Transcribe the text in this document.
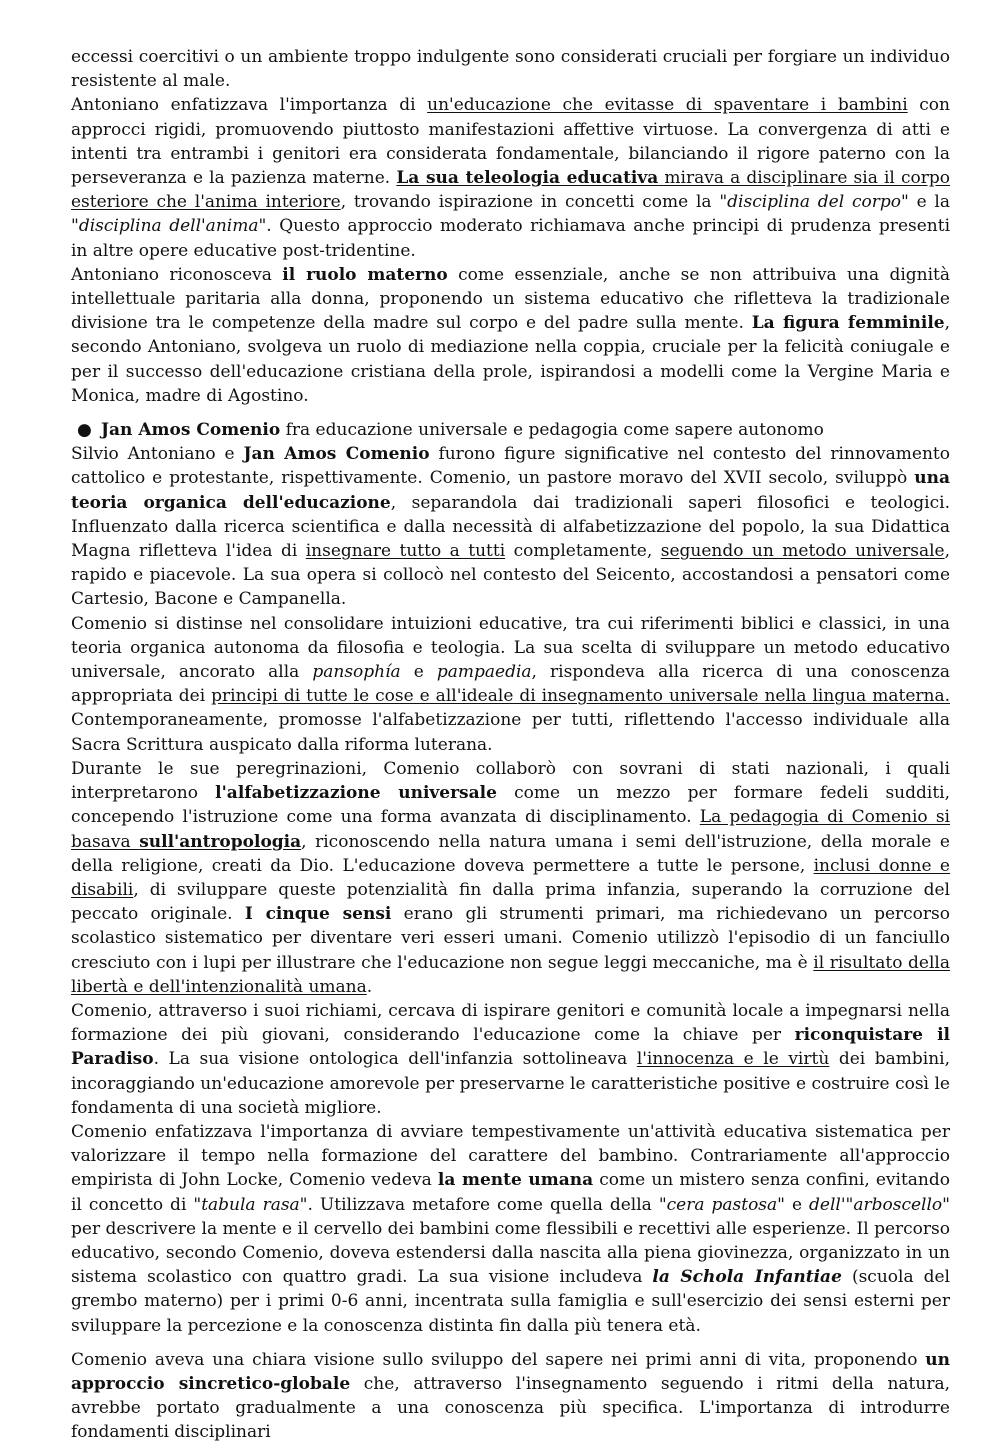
eccessi coercitivi o un ambiente troppo indulgente sono considerati cruciali per forgiare un individuo resistente al male.

Antoniano enfatizzava l'importanza di un'educazione che evitasse di spaventare i bambini con approcci rigidi, promuovendo piuttosto manifestazioni affettive virtuose. La convergenza di atti e intenti tra entrambi i genitori era considerata fondamentale, bilanciando il rigore paterno con la perseveranza e la pazienza materne. La sua teleologia educativa mirava a disciplinare sia il corpo esteriore che l'anima interiore, trovando ispirazione in concetti come la "disciplina del corpo" e la "disciplina dell'anima". Questo approccio moderato richiamava anche principi di prudenza presenti in altre opere educative post-tridentine.

Antoniano riconosceva il ruolo materno come essenziale, anche se non attribuiva una dignità intellettuale paritaria alla donna, proponendo un sistema educativo che rifletteva la tradizionale divisione tra le competenze della madre sul corpo e del padre sulla mente. La figura femminile, secondo Antoniano, svolgeva un ruolo di mediazione nella coppia, cruciale per la felicità coniugale e per il successo dell'educazione cristiana della prole, ispirandosi a modelli come la Vergine Maria e Monica, madre di Agostino.

● Jan Amos Comenio fra educazione universale e pedagogia come sapere autonomo

Silvio Antoniano e Jan Amos Comenio furono figure significative nel contesto del rinnovamento cattolico e protestante, rispettivamente. Comenio, un pastore moravo del XVII secolo, sviluppò una teoria organica dell'educazione, separandola dai tradizionali saperi filosofici e teologici. Influenzato dalla ricerca scientifica e dalla necessità di alfabetizzazione del popolo, la sua Didattica Magna rifletteva l'idea di insegnare tutto a tutti completamente, seguendo un metodo universale, rapido e piacevole. La sua opera si collocò nel contesto del Seicento, accostandosi a pensatori come Cartesio, Bacone e Campanella.

Comenio si distinse nel consolidare intuizioni educative, tra cui riferimenti biblici e classici, in una teoria organica autonoma da filosofia e teologia. La sua scelta di sviluppare un metodo educativo universale, ancorato alla pansophía e pampaedia, rispondeva alla ricerca di una conoscenza appropriata dei principi di tutte le cose e all'ideale di insegnamento universale nella lingua materna. Contemporaneamente, promosse l'alfabetizzazione per tutti, riflettendo l'accesso individuale alla Sacra Scrittura auspicato dalla riforma luterana.

Durante le sue peregrinazioni, Comenio collaborò con sovrani di stati nazionali, i quali interpretarono l'alfabetizzazione universale come un mezzo per formare fedeli sudditi, concependo l'istruzione come una forma avanzata di disciplinamento. La pedagogia di Comenio si basava sull'antropologia, riconoscendo nella natura umana i semi dell'istruzione, della morale e della religione, creati da Dio. L'educazione doveva permettere a tutte le persone, inclusi donne e disabili, di sviluppare queste potenzialità fin dalla prima infanzia, superando la corruzione del peccato originale. I cinque sensi erano gli strumenti primari, ma richiedevano un percorso scolastico sistematico per diventare veri esseri umani. Comenio utilizzò l'episodio di un fanciullo cresciuto con i lupi per illustrare che l'educazione non segue leggi meccaniche, ma è il risultato della libertà e dell'intenzionalità umana.

Comenio, attraverso i suoi richiami, cercava di ispirare genitori e comunità locale a impegnarsi nella formazione dei più giovani, considerando l'educazione come la chiave per riconquistare il Paradiso. La sua visione ontologica dell'infanzia sottolineava l'innocenza e le virtù dei bambini, incoraggiando un'educazione amorevole per preservarne le caratteristiche positive e costruire così le fondamenta di una società migliore.

Comenio enfatizzava l'importanza di avviare tempestivamente un'attività educativa sistematica per valorizzare il tempo nella formazione del carattere del bambino. Contrariamente all'approccio empirista di John Locke, Comenio vedeva la mente umana come un mistero senza confini, evitando il concetto di "tabula rasa". Utilizzava metafore come quella della "cera pastosa" e dell'"arboscello" per descrivere la mente e il cervello dei bambini come flessibili e recettivi alle esperienze. Il percorso educativo, secondo Comenio, doveva estendersi dalla nascita alla piena giovinezza, organizzato in un sistema scolastico con quattro gradi. La sua visione includeva la Schola Infantiae (scuola del grembo materno) per i primi 0-6 anni, incentrata sulla famiglia e sull'esercizio dei sensi esterni per sviluppare la percezione e la conoscenza distinta fin dalla più tenera età.

Comenio aveva una chiara visione sullo sviluppo del sapere nei primi anni di vita, proponendo un approccio sincretico-globale che, attraverso l'insegnamento seguendo i ritmi della natura, avrebbe portato gradualmente a una conoscenza più specifica. L'importanza di introdurre fondamenti disciplinari
